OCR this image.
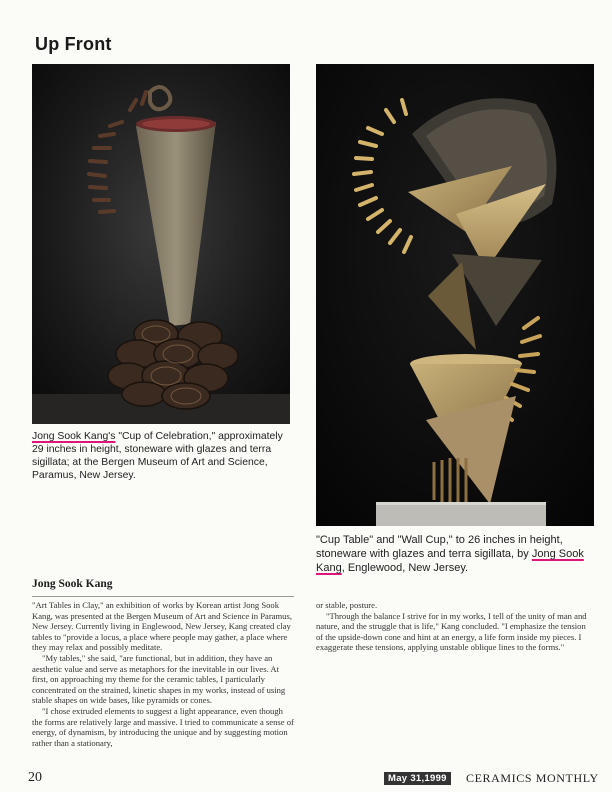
Up Front
Jong Sook Kang's "Cup of Celebration," approximately 29 inches in height, stoneware with glazes and terra sigillata; at the Bergen Museum of Art and Science, Paramus, New Jersey.
"Cup Table" and "Wall Cup," to 26 inches in height, stoneware with glazes and terra sigillata, by Jong Sook Kang, Englewood, New Jersey.
Jong Sook Kang

"Art Tables in Clay," an exhibition of works by Korean artist Jong Sook Kang, was presented at the Bergen Museum of Art and Science in Paramus, New Jersey. Currently living in Englewood, New Jersey, Kang created clay tables to "provide a locus, a place where people may gather, a place where they may relax and possibly meditate.

"My tables," she said, "are functional, but in addition, they have an aesthetic value and serve as metaphors for the inevitable in our lives. At first, on approaching my theme for the ceramic tables, I particularly concentrated on the strained, kinetic shapes in my works, instead of using stable shapes on wide bases, like pyramids or cones.

"I chose extruded elements to suggest a light appearance, even though the forms are relatively large and massive. I tried to communicate a sense of energy, of dynamism, by introducing the unique and by suggesting motion rather than a stationary,

or stable, posture.

"Through the balance I strive for in my works, I tell of the unity of man and nature, and the struggle that is life," Kang concluded. "I emphasize the tension of the upside-down cone and hint at an energy, a life form inside my pieces. I exaggerate these tensions, applying unstable oblique lines to the forms."

20	May 31,1999	CERAMICS MONTHLY
